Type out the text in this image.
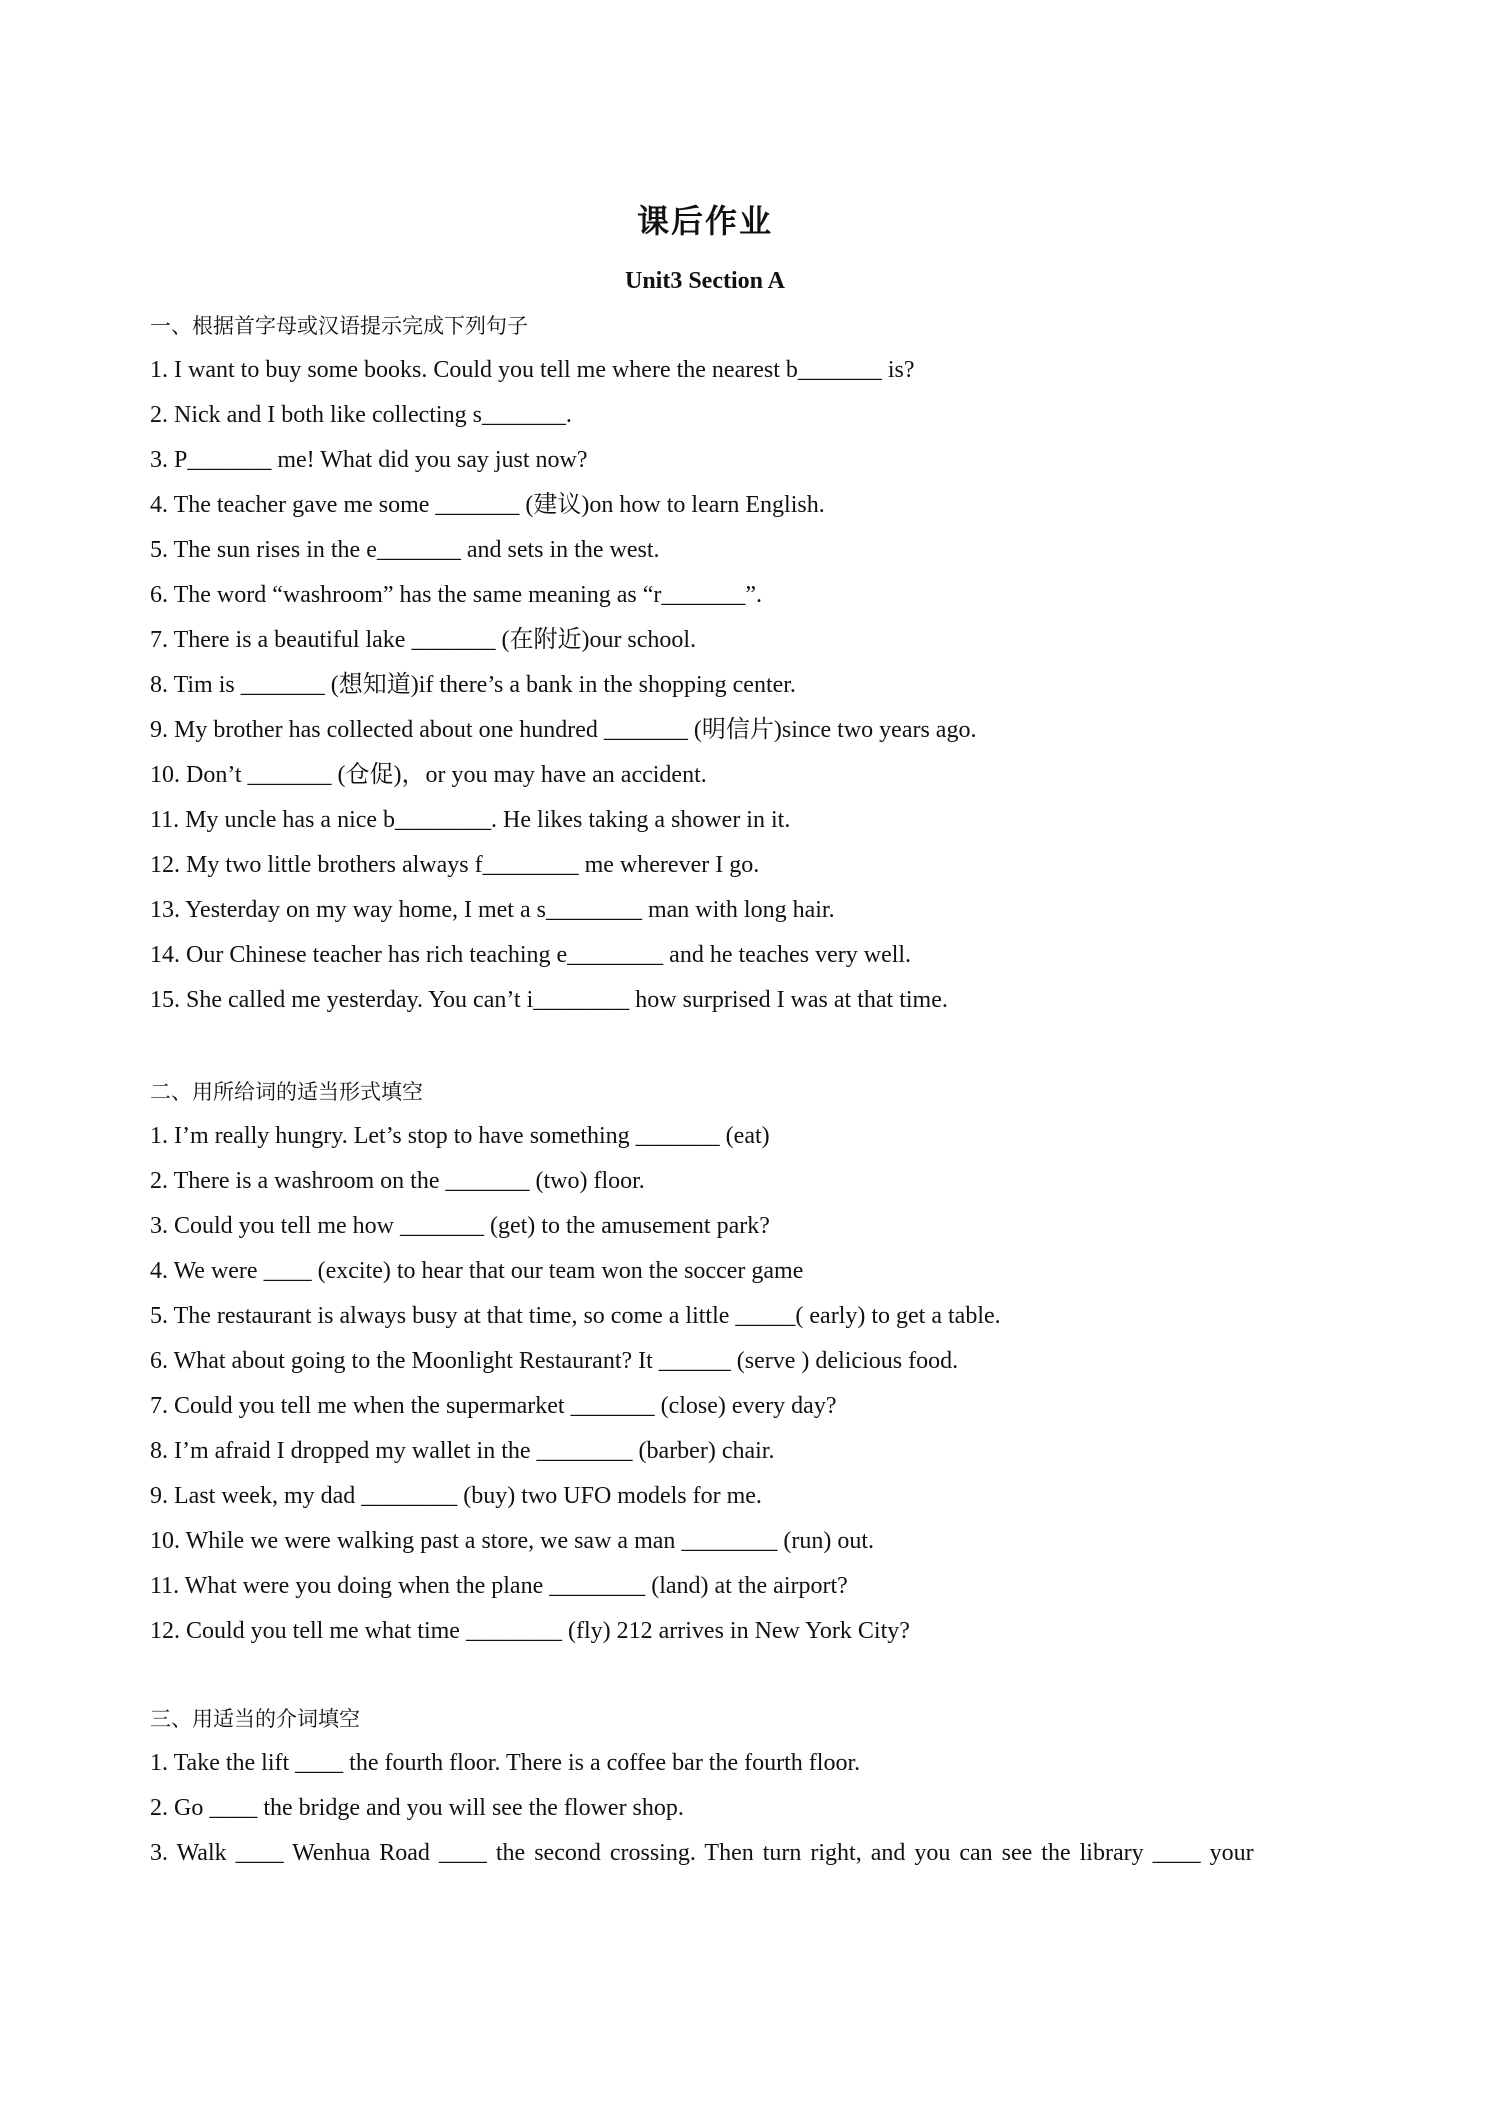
课后作业
Unit3 Section A
一、根据首字母或汉语提示完成下列句子
1. I want to buy some books. Could you tell me where the nearest b_______ is?
2. Nick and I both like collecting s_______.
3. P_______ me! What did you say just now?
4. The teacher gave me some _______ (建议)on how to learn English.
5. The sun rises in the e_______ and sets in the west.
6. The word “washroom” has the same meaning as “r_______”.
7. There is a beautiful lake _______ (在附近)our school.
8. Tim is _______ (想知道)if there’s a bank in the shopping center.
9. My brother has collected about one hundred _______ (明信片)since two years ago.
10. Don’t _______ (仓促)，or you may have an accident.
11. My uncle has a nice b________. He likes taking a shower in it.
12. My two little brothers always f________ me wherever I go.
13. Yesterday on my way home, I met a s________ man with long hair.
14. Our Chinese teacher has rich teaching e________ and he teaches very well.
15. She called me yesterday. You can’t i________ how surprised I was at that time.
二、用所给词的适当形式填空
1. I’m really hungry. Let’s stop to have something _______ (eat)
2. There is a washroom on the _______ (two) floor.
3. Could you tell me how _______ (get) to the amusement park?
4. We were ____ (excite) to hear that our team won the soccer game
5. The restaurant is always busy at that time, so come a little _____( early) to get a table.
6. What about going to the Moonlight Restaurant? It ______ (serve ) delicious food.
7. Could you tell me when the supermarket _______ (close) every day?
8. I’m afraid I dropped my wallet in the ________ (barber) chair.
9. Last week, my dad ________ (buy) two UFO models for me.
10. While we were walking past a store, we saw a man ________ (run) out.
11. What were you doing when the plane ________ (land) at the airport?
12. Could you tell me what time ________ (fly) 212 arrives in New York City?
三、用适当的介词填空
1. Take the lift ____ the fourth floor. There is a coffee bar the fourth floor.
2. Go ____ the bridge and you will see the flower shop.
3. Walk ____ Wenhua Road ____ the second crossing. Then turn right, and you can see the library ____ your
